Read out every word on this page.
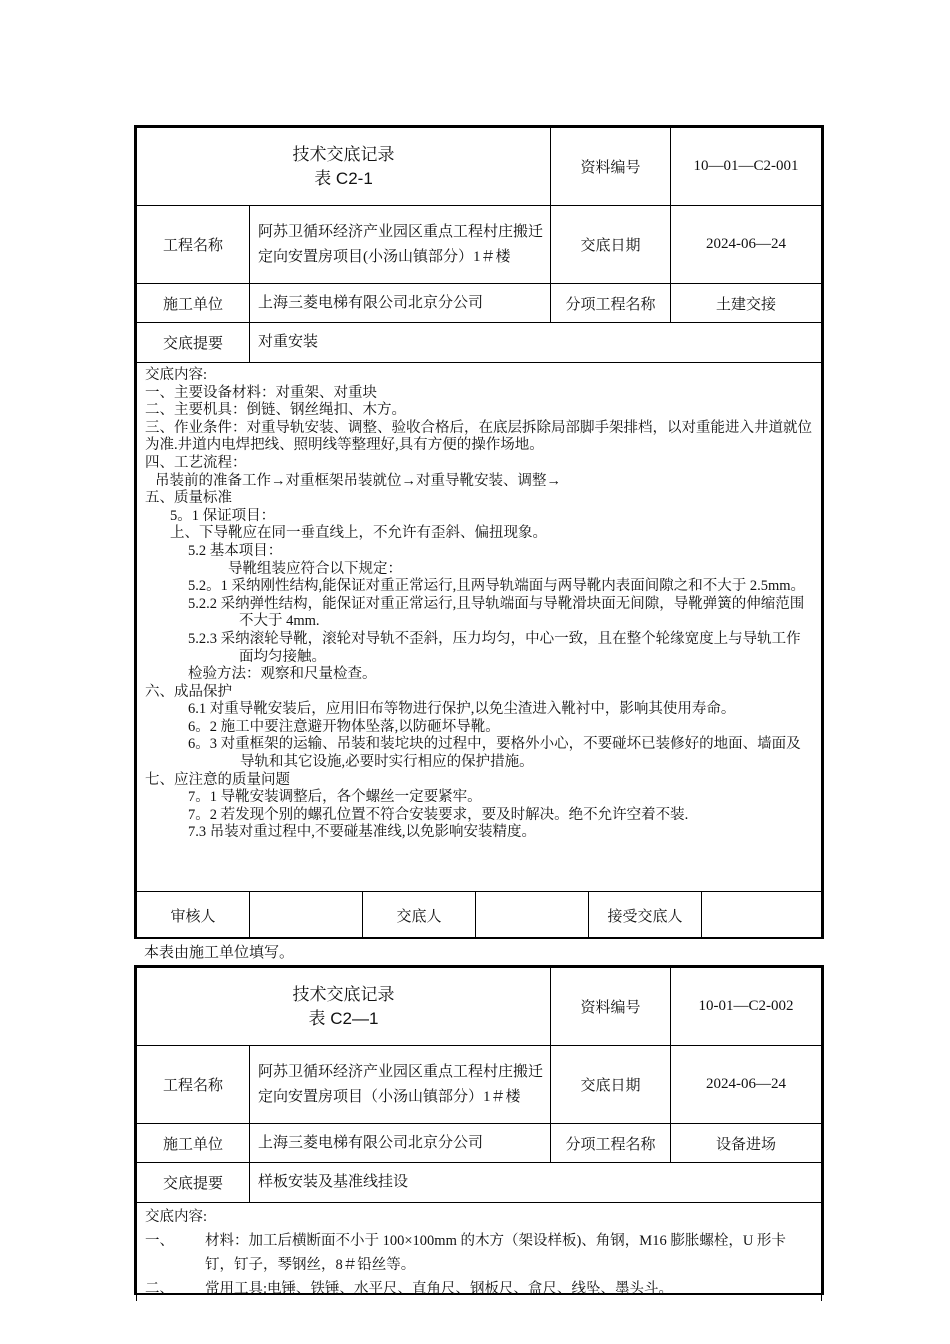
技术交底记录
表 C2-1		资料编号	10—01—C2-001
工程名称	阿苏卫循环经济产业园区重点工程村庄搬迁定向安置房项目(小汤山镇部分）1＃楼	交底日期	2024-06—24
施工单位	上海三菱电梯有限公司北京分公司	分项工程名称	土建交接
交底提要	对重安装		

交底内容:

一、主要设备材料：对重架、对重块

二、主要机具：倒链、钢丝绳扣、木方。

三、作业条件：对重导轨安装、调整、验收合格后，在底层拆除局部脚手架排档，以对重能进入井道就位为准.井道内电焊把线、照明线等整理好,具有方便的操作场地。

四、工艺流程：

吊装前的准备工作→对重框架吊装就位→对重导靴安装、调整→

五、质量标准

5。1 保证项目：

上、下导靴应在同一垂直线上，不允许有歪斜、偏扭现象。

5.2 基本项目：

导靴组装应符合以下规定：

5.2。1 采纳刚性结构,能保证对重正常运行,且两导轨端面与两导靴内表面间隙之和不大于 2.5mm。

5.2.2 采纳弹性结构，能保证对重正常运行,且导轨端面与导靴滑块面无间隙，导靴弹簧的伸缩范围不大于 4mm.

5.2.3 采纳滚轮导靴，滚轮对导轨不歪斜，压力均匀，中心一致，且在整个轮缘宽度上与导轨工作面均匀接触。

检验方法：观察和尺量检查。

六、成品保护

6.1 对重导靴安装后，应用旧布等物进行保护,以免尘渣进入靴衬中，影响其使用寿命。

6。2 施工中要注意避开物体坠落,以防砸坏导靴。

6。3 对重框架的运输、吊装和装坨块的过程中，要格外小心，不要碰坏已装修好的地面、墙面及导轨和其它设施,必要时实行相应的保护措施。

七、应注意的质量问题

7。1 导靴安装调整后，各个螺丝一定要紧牢。

7。2 若发现个别的螺孔位置不符合安装要求，要及时解决。绝不允许空着不装.

7.3 吊装对重过程中,不要碰基准线,以免影响安装精度。

审核人		交底人		接受交底人	
本表由施工单位填写。
技术交底记录
表 C2—1		资料编号	10-01—C2-002
工程名称	阿苏卫循环经济产业园区重点工程村庄搬迁定向安置房项目（小汤山镇部分）1＃楼	交底日期	2024-06—24
施工单位	上海三菱电梯有限公司北京分公司	分项工程名称	设备进场
交底提要	样板安装及基准线挂设		

交底内容:

一、 材料：加工后横断面不小于 100×100mm 的木方（架设样板)、角钢，M16 膨胀螺栓，U 形卡钉，钉子，琴钢丝，8＃铅丝等。

二、 常用工具:电锤、铁锤、水平尺、直角尺、钢板尺、盒尺、线坠、墨头斗。
